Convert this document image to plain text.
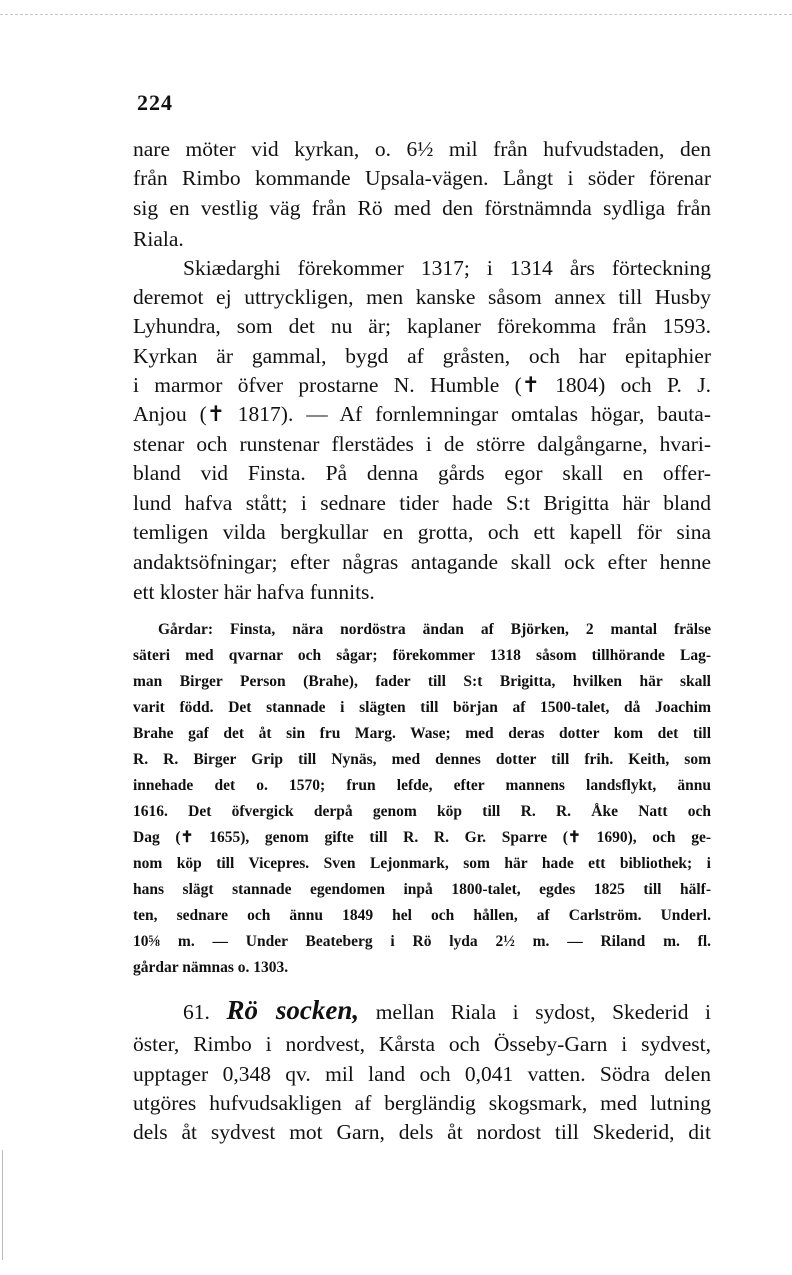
224
nare möter vid kyrkan, o. 6½ mil från hufvudstaden, den
från Rimbo kommande Upsala-vägen. Långt i söder förenar
sig en vestlig väg från Rö med den förstnämnda sydliga från
Riala.
Skiædarghi förekommer 1317; i 1314 års förteckning
deremot ej uttryckligen, men kanske såsom annex till Husby
Lyhundra, som det nu är; kaplaner förekomma från 1593.
Kyrkan är gammal, bygd af gråsten, och har epitaphier
i marmor öfver prostarne N. Humble (✝ 1804) och P. J.
Anjou (✝ 1817). — Af fornlemningar omtalas högar, bauta-
stenar och runstenar flerstädes i de större dalgångarne, hvari-
bland vid Finsta. På denna gårds egor skall en offer-
lund hafva stått; i sednare tider hade S:t Brigitta här bland
temligen vilda bergkullar en grotta, och ett kapell för sina
andaktsöfningar; efter någras antagande skall ock efter henne
ett kloster här hafva funnits.
Gårdar: Finsta, nära nordöstra ändan af Björken, 2 mantal frälse
säteri med qvarnar och sågar; förekommer 1318 såsom tillhörande Lag-
man Birger Person (Brahe), fader till S:t Brigitta, hvilken här skall
varit född. Det stannade i slägten till början af 1500-talet, då Joachim
Brahe gaf det åt sin fru Marg. Wase; med deras dotter kom det till
R. R. Birger Grip till Nynäs, med dennes dotter till frih. Keith, som
innehade det o. 1570; frun lefde, efter mannens landsflykt, ännu
1616. Det öfvergick derpå genom köp till R. R. Åke Natt och
Dag (✝ 1655), genom gifte till R. R. Gr. Sparre (✝ 1690), och ge-
nom köp till Vicepres. Sven Lejonmark, som här hade ett bibliothek; i
hans slägt stannade egendomen inpå 1800-talet, egdes 1825 till hälf-
ten, sednare och ännu 1849 hel och hållen, af Carlström. Underl.
10⅝ m. — Under Beateberg i Rö lyda 2½ m. — Riland m. fl.
gårdar nämnas o. 1303.
61. Rö socken, mellan Riala i sydost, Skederid i
öster, Rimbo i nordvest, Kårsta och Össeby-Garn i sydvest,
upptager 0,348 qv. mil land och 0,041 vatten. Södra delen
utgöres hufvudsakligen af bergländig skogsmark, med lutning
dels åt sydvest mot Garn, dels åt nordost till Skederid, dit
